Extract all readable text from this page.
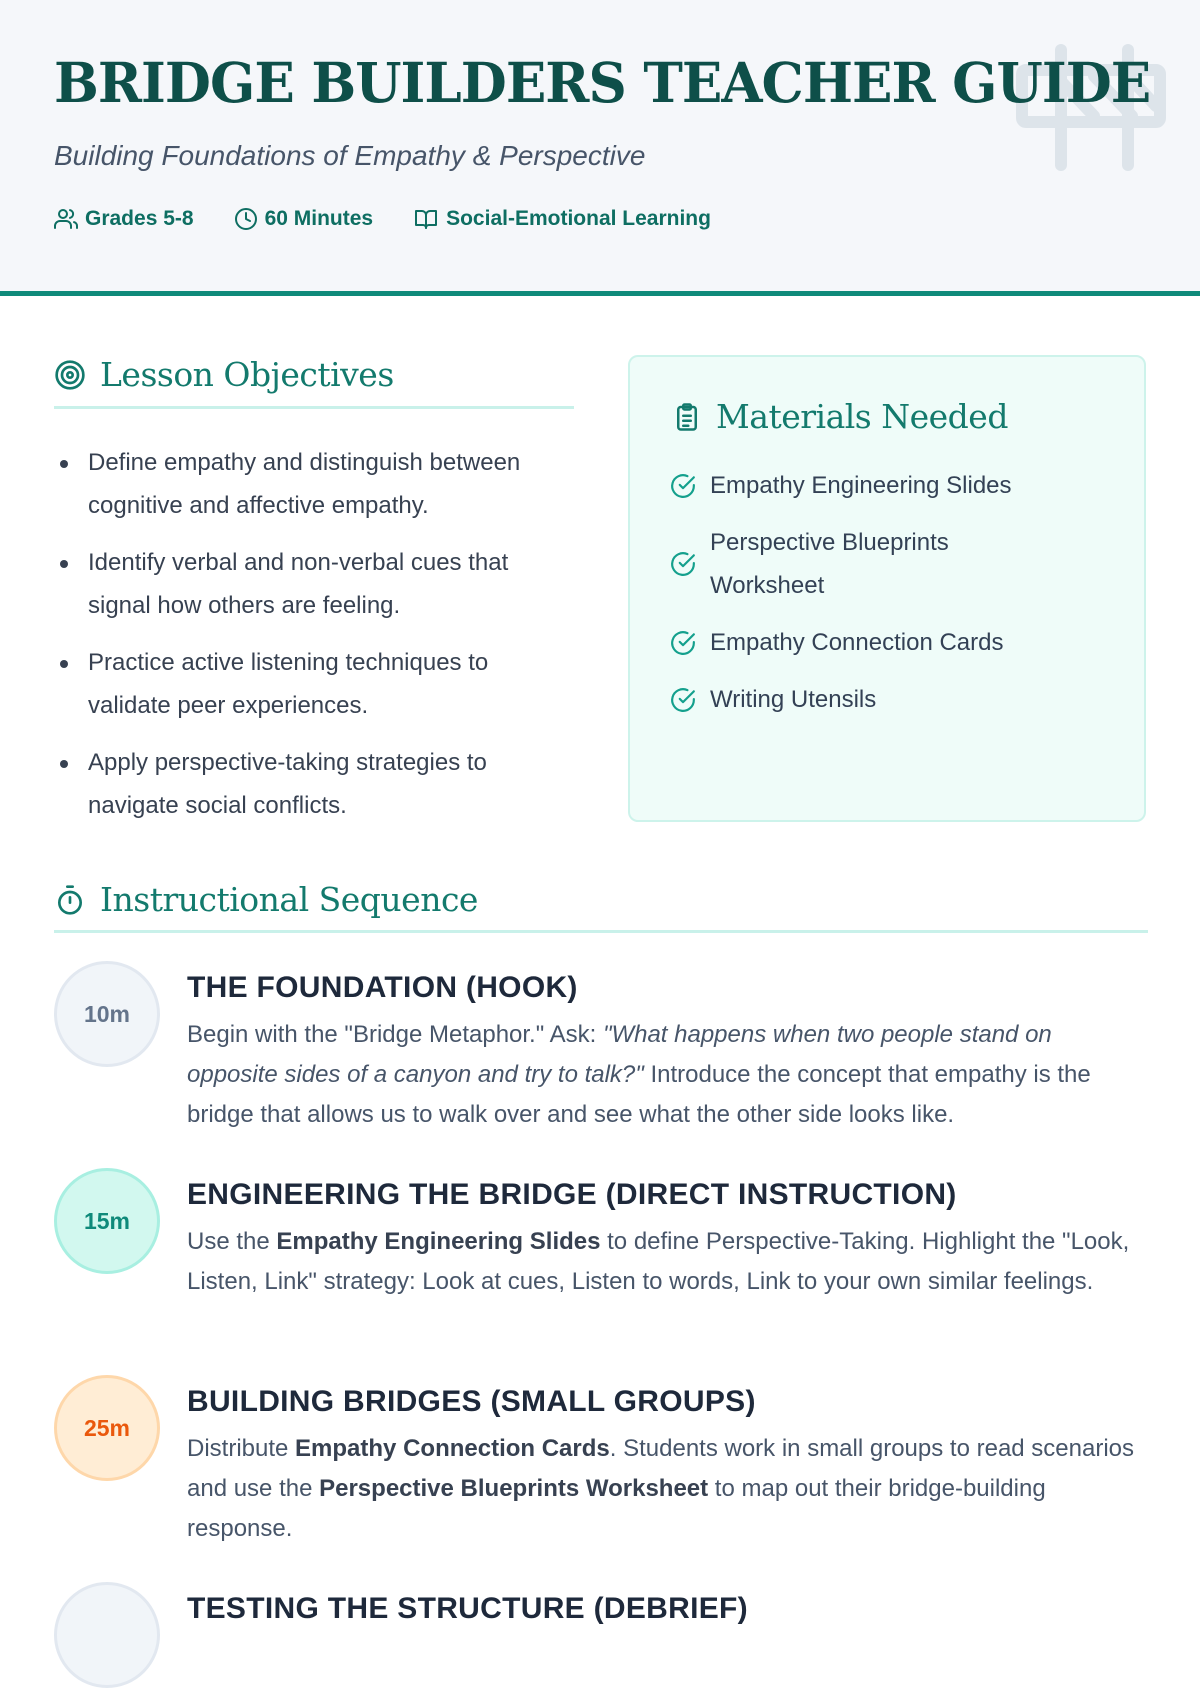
BRIDGE BUILDERS TEACHER GUIDE
Building Foundations of Empathy & Perspective
Grades 5-8	60 Minutes	Social-Emotional Learning
Lesson Objectives
Define empathy and distinguish between cognitive and affective empathy.
Identify verbal and non-verbal cues that signal how others are feeling.
Practice active listening techniques to validate peer experiences.
Apply perspective-taking strategies to navigate social conflicts.
Materials Needed
Empathy Engineering Slides
Perspective Blueprints Worksheet
Empathy Connection Cards
Writing Utensils
Instructional Sequence
10m
THE FOUNDATION (HOOK)

Begin with the "Bridge Metaphor." Ask: "What happens when two people stand on opposite sides of a canyon and try to talk?" Introduce the concept that empathy is the bridge that allows us to walk over and see what the other side looks like.

15m
ENGINEERING THE BRIDGE (DIRECT INSTRUCTION)

Use the Empathy Engineering Slides to define Perspective-Taking. Highlight the "Look, Listen, Link" strategy: Look at cues, Listen to words, Link to your own similar feelings.

25m
BUILDING BRIDGES (SMALL GROUPS)

Distribute Empathy Connection Cards. Students work in small groups to read scenarios and use the Perspective Blueprints Worksheet to map out their bridge-building response.

TESTING THE STRUCTURE (DEBRIEF)
